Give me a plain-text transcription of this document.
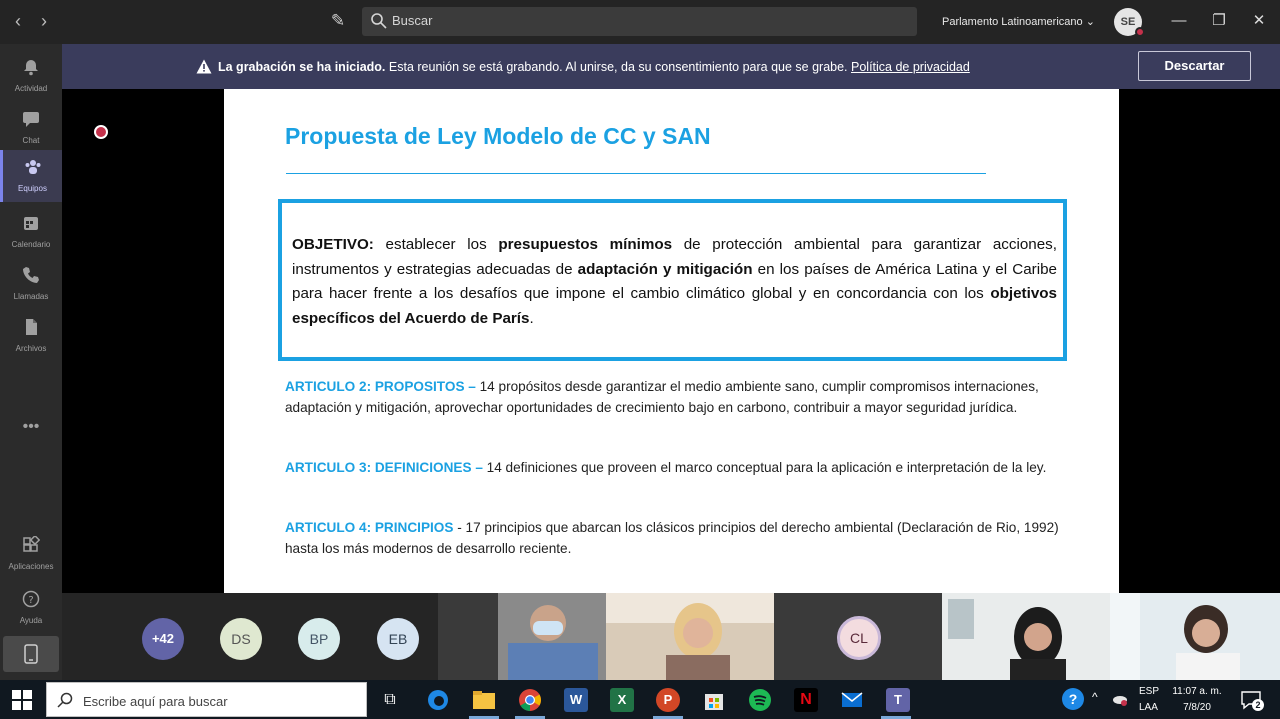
‹	›	✎	Buscar	Parlamento Latinoamericano ⌄	SE	— ❐	✕
Actividad
Chat
Equipos
Calendario
Llamadas
Archivos
•••
Aplicaciones
?
Ayuda
La grabación se ha iniciado. Esta reunión se está grabando. Al unirse, da su consentimiento para que se grabe. Política de privacidad	Descartar
Propuesta de Ley Modelo de CC y SAN
OBJETIVO: establecer los presupuestos mínimos de protección ambiental para garantizar acciones, instrumentos y estrategias adecuadas de adaptación y mitigación en los países de América Latina y el Caribe para hacer frente a los desafíos que impone el cambio climático global y en concordancia con los objetivos específicos del Acuerdo de París.
ARTICULO 2: PROPOSITOS – 14 propósitos desde garantizar el medio ambiente sano, cumplir compromisos internaciones, adaptación y mitigación, aprovechar oportunidades de crecimiento bajo en carbono, contribuir a mayor seguridad jurídica.
ARTICULO 3: DEFINICIONES – 14 definiciones que proveen el marco conceptual para la aplicación e interpretación de la ley.
ARTICULO 4: PRINCIPIOS - 17 principios que abarcan los clásicos principios del derecho ambiental (Declaración de Rio, 1992) hasta los más modernos de desarrollo reciente.
+42	DS	BP	EB	CL
Escribe aquí para buscar	⧉	W	X	P	N	T	?	^	ESP
LAA
11:07 a. m.
7/8/20	2
